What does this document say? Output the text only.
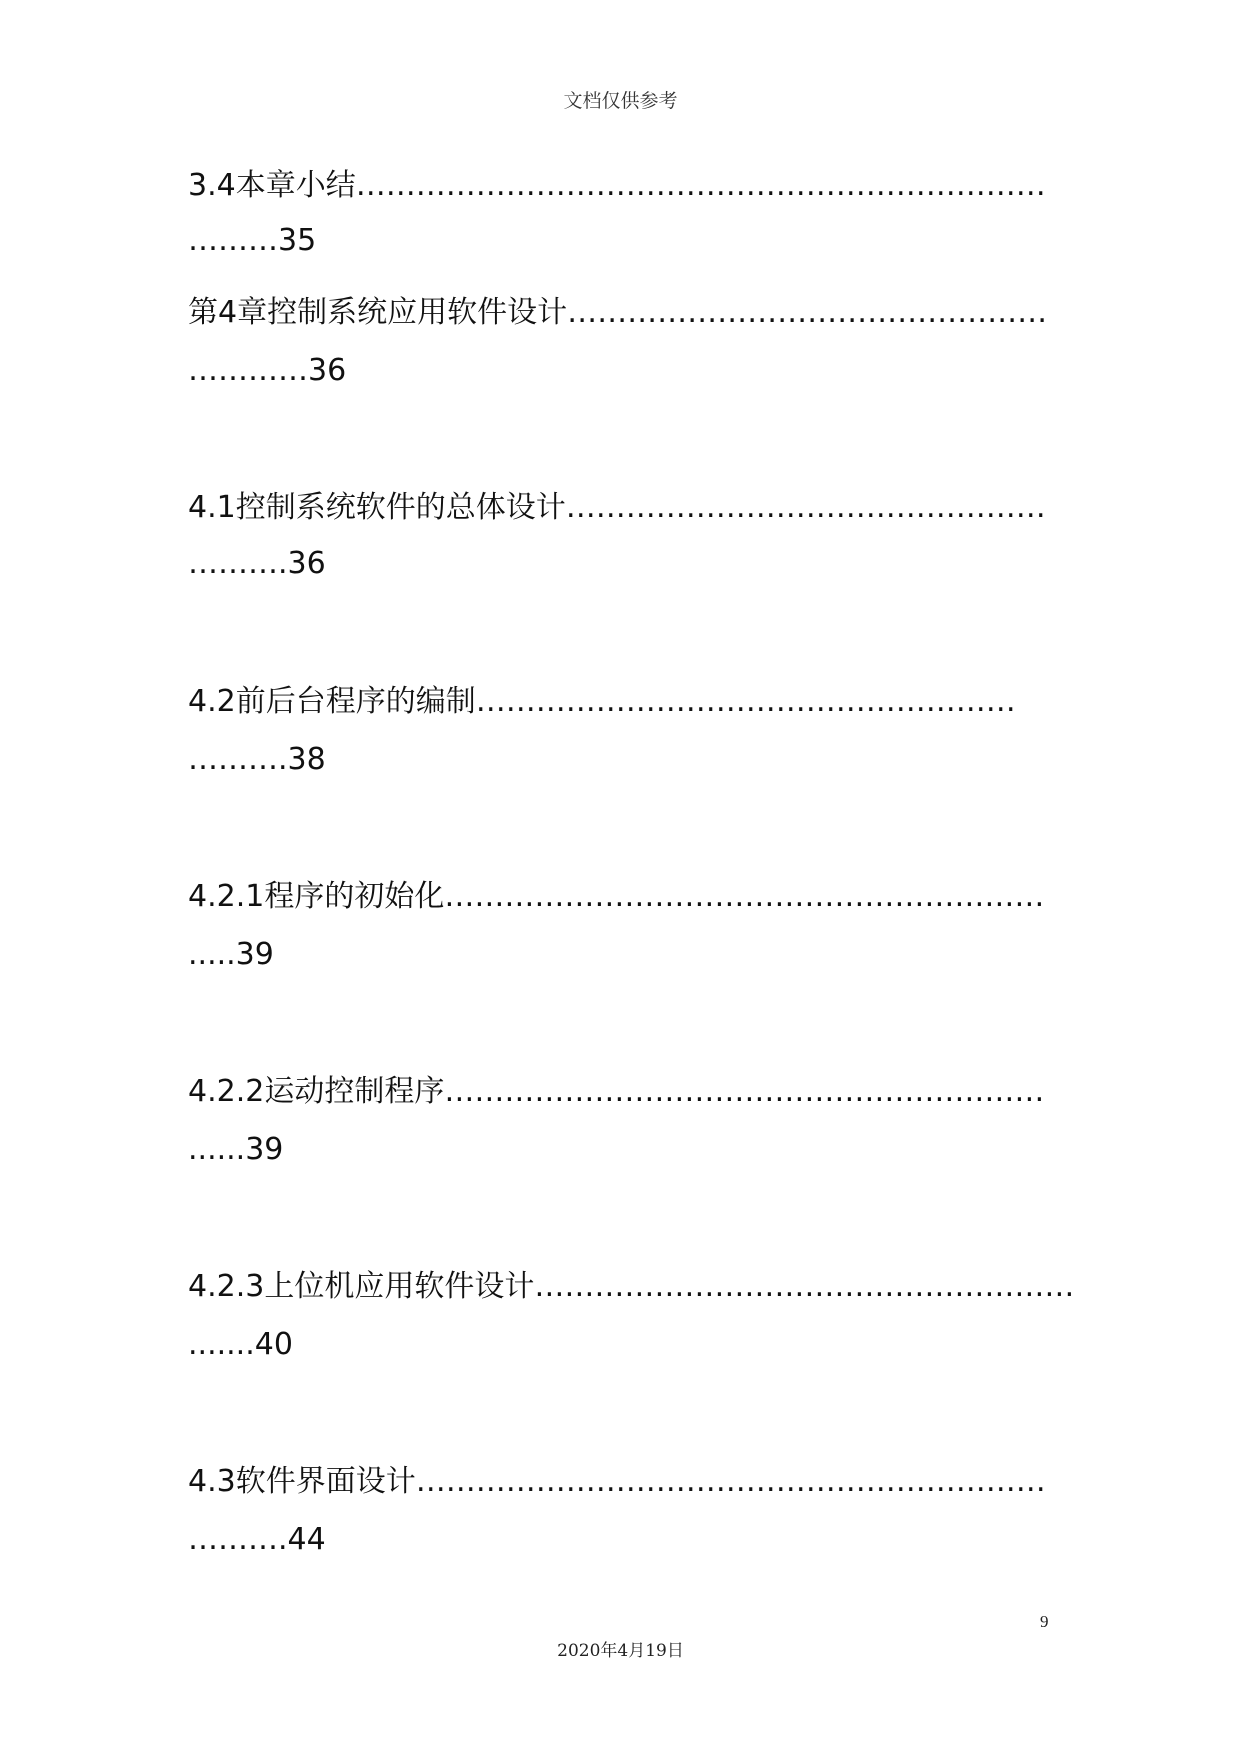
文档仅供参考
3.4本章小结……………………………………………………………
………35
第4章控制系统应用软件设计…………………………………………
…………36
4.1控制系统软件的总体设计…………………………………………
……….36
4.2前后台程序的编制………………………………………………
……….38
4.2.1程序的初始化……………………………………………………
.....39
4.2.2运动控制程序……………………………………………………
......39
4.2.3上位机应用软件设计………………………………………………
.......40
4.3软件界面设计………………………………………………………
……….44
9
2020年4月19日
